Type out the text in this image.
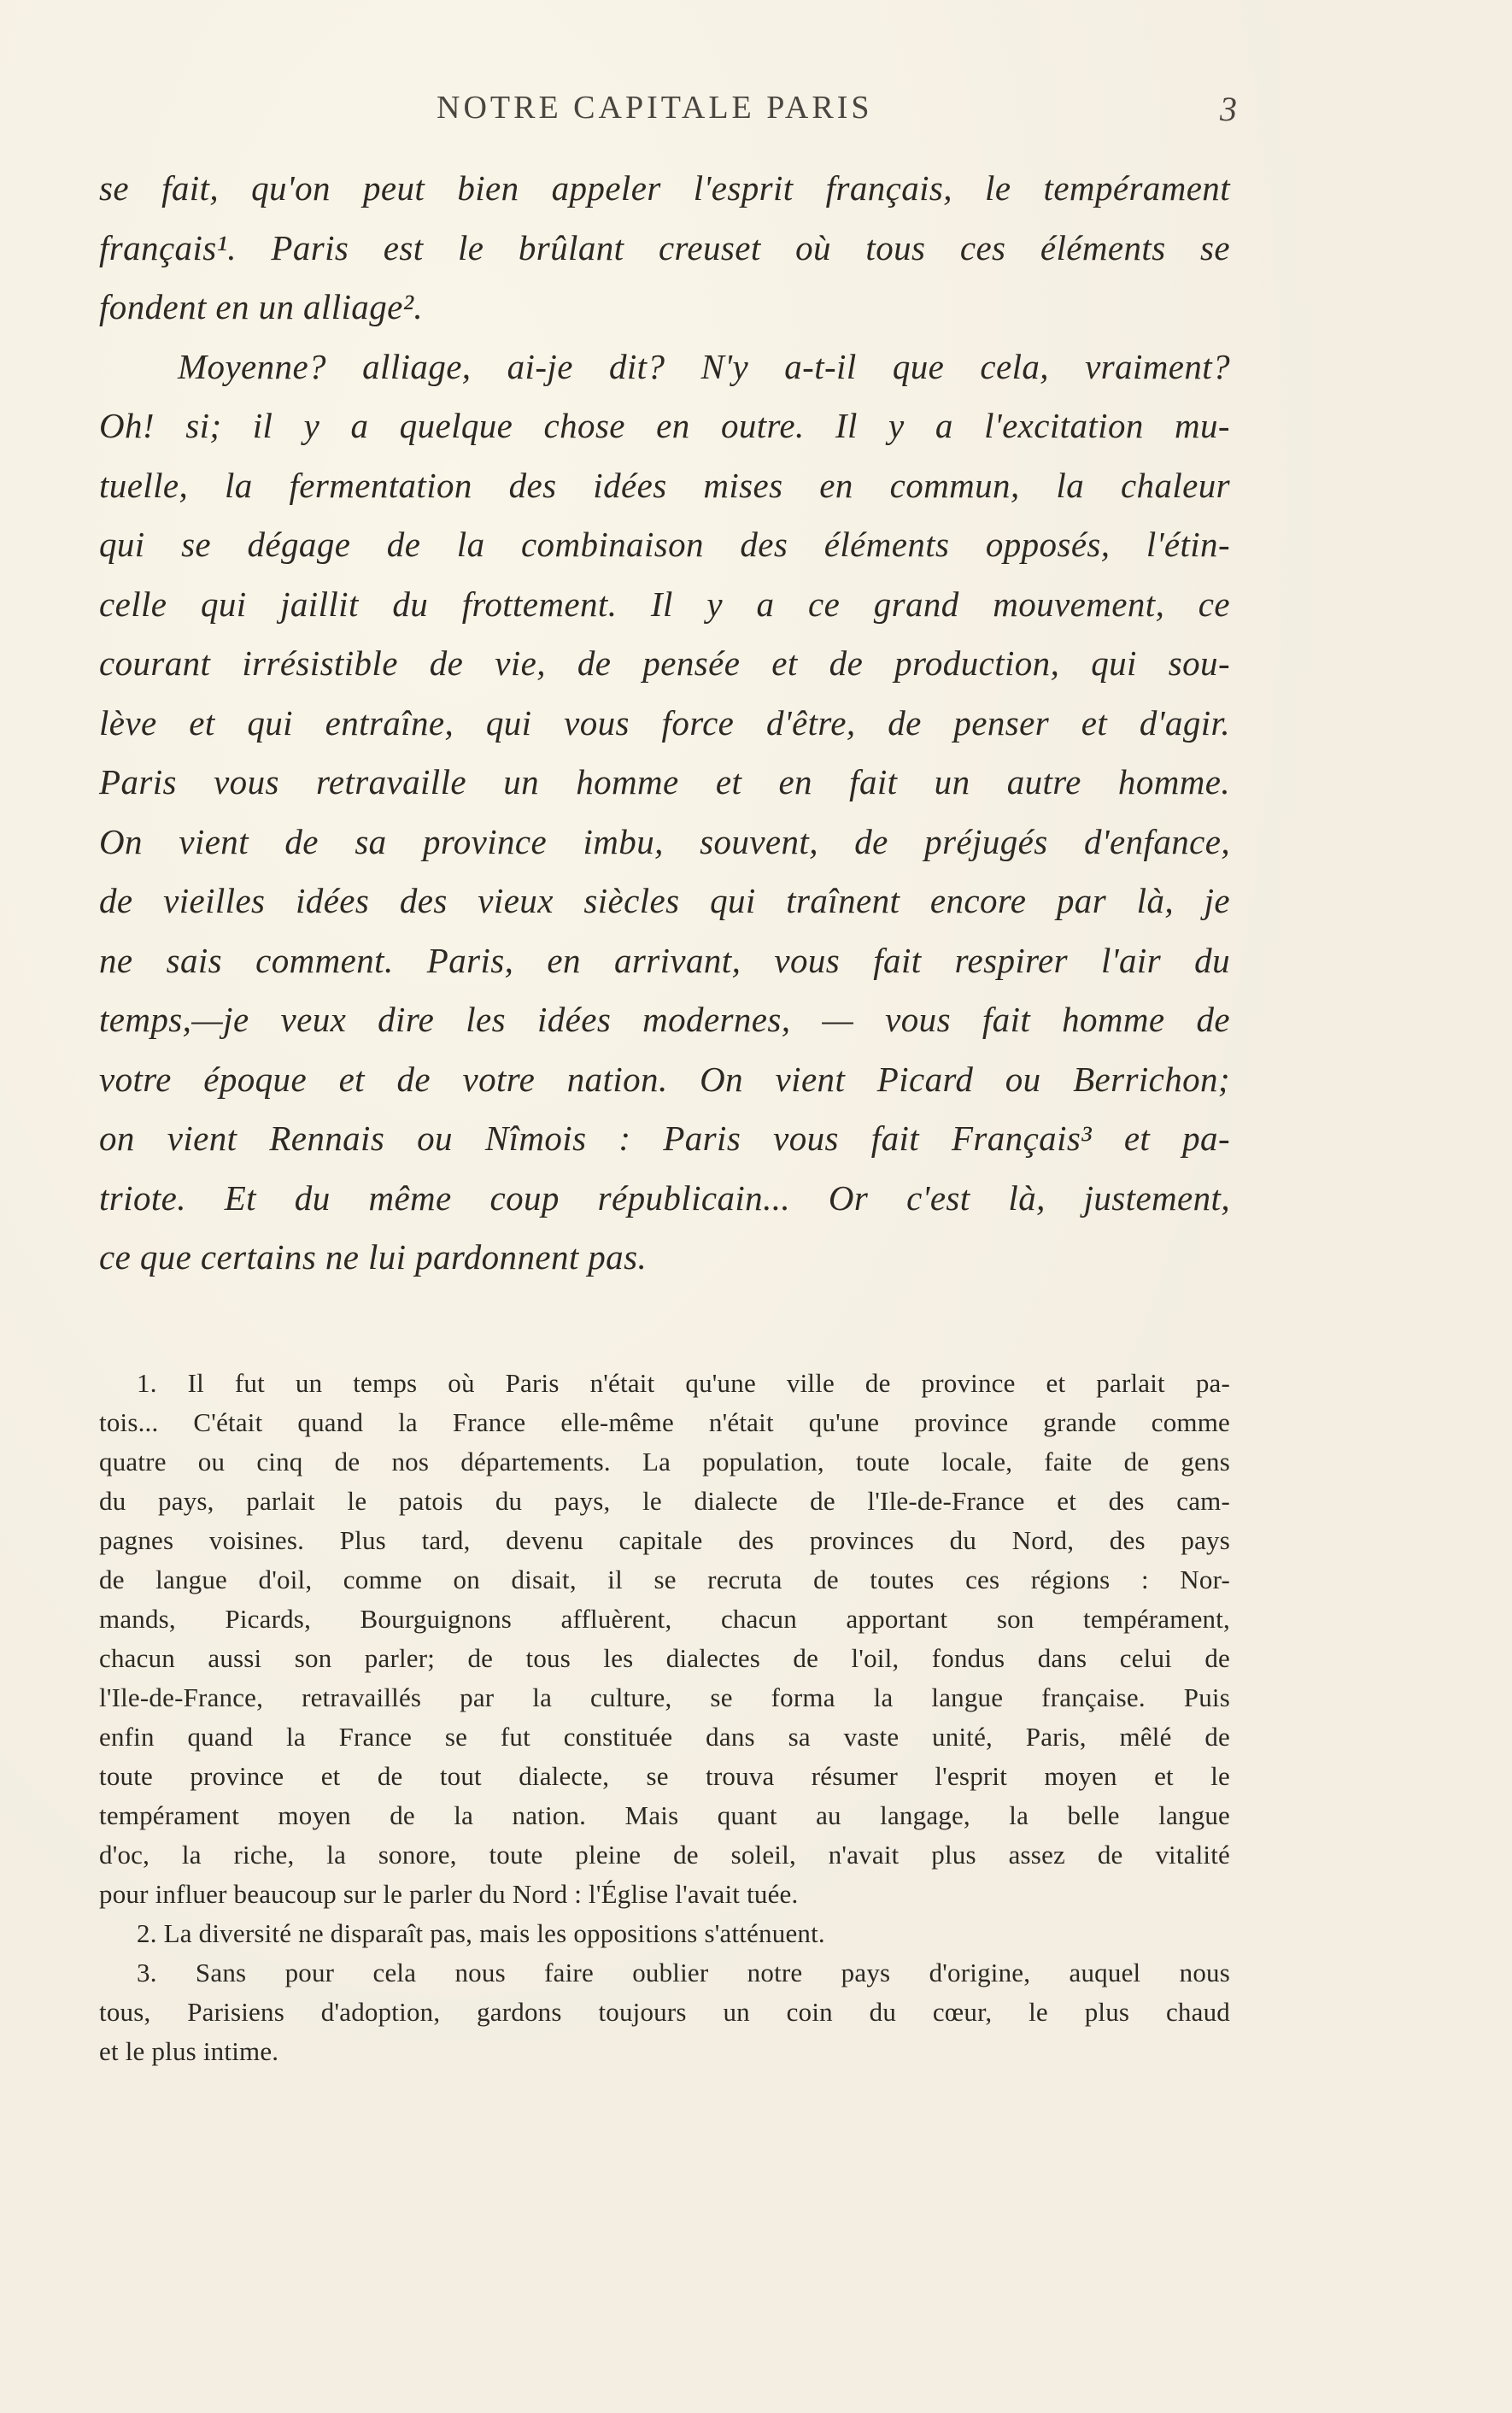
NOTRE CAPITALE PARIS	3
se fait, qu'on peut bien appeler l'esprit français, le tempérament
français¹. Paris est le brûlant creuset où tous ces éléments se
fondent en un alliage².
Moyenne? alliage, ai-je dit? N'y a-t-il que cela, vraiment?
Oh! si; il y a quelque chose en outre. Il y a l'excitation mu-
tuelle, la fermentation des idées mises en commun, la chaleur
qui se dégage de la combinaison des éléments opposés, l'étin-
celle qui jaillit du frottement. Il y a ce grand mouvement, ce
courant irrésistible de vie, de pensée et de production, qui sou-
lève et qui entraîne, qui vous force d'être, de penser et d'agir.
Paris vous retravaille un homme et en fait un autre homme.
On vient de sa province imbu, souvent, de préjugés d'enfance,
de vieilles idées des vieux siècles qui traînent encore par là, je
ne sais comment. Paris, en arrivant, vous fait respirer l'air du
temps,—je veux dire les idées modernes, — vous fait homme de
votre époque et de votre nation. On vient Picard ou Berrichon;
on vient Rennais ou Nîmois : Paris vous fait Français³ et pa-
triote. Et du même coup républicain... Or c'est là, justement,
ce que certains ne lui pardonnent pas.
1. Il fut un temps où Paris n'était qu'une ville de province et parlait pa-
tois... C'était quand la France elle-même n'était qu'une province grande comme
quatre ou cinq de nos départements. La population, toute locale, faite de gens
du pays, parlait le patois du pays, le dialecte de l'Ile-de-France et des cam-
pagnes voisines. Plus tard, devenu capitale des provinces du Nord, des pays
de langue d'oil, comme on disait, il se recruta de toutes ces régions : Nor-
mands, Picards, Bourguignons affluèrent, chacun apportant son tempérament,
chacun aussi son parler; de tous les dialectes de l'oil, fondus dans celui de
l'Ile-de-France, retravaillés par la culture, se forma la langue française. Puis
enfin quand la France se fut constituée dans sa vaste unité, Paris, mêlé de
toute province et de tout dialecte, se trouva résumer l'esprit moyen et le
tempérament moyen de la nation. Mais quant au langage, la belle langue
d'oc, la riche, la sonore, toute pleine de soleil, n'avait plus assez de vitalité
pour influer beaucoup sur le parler du Nord : l'Église l'avait tuée.
2. La diversité ne disparaît pas, mais les oppositions s'atténuent.
3. Sans pour cela nous faire oublier notre pays d'origine, auquel nous
tous, Parisiens d'adoption, gardons toujours un coin du cœur, le plus chaud
et le plus intime.
